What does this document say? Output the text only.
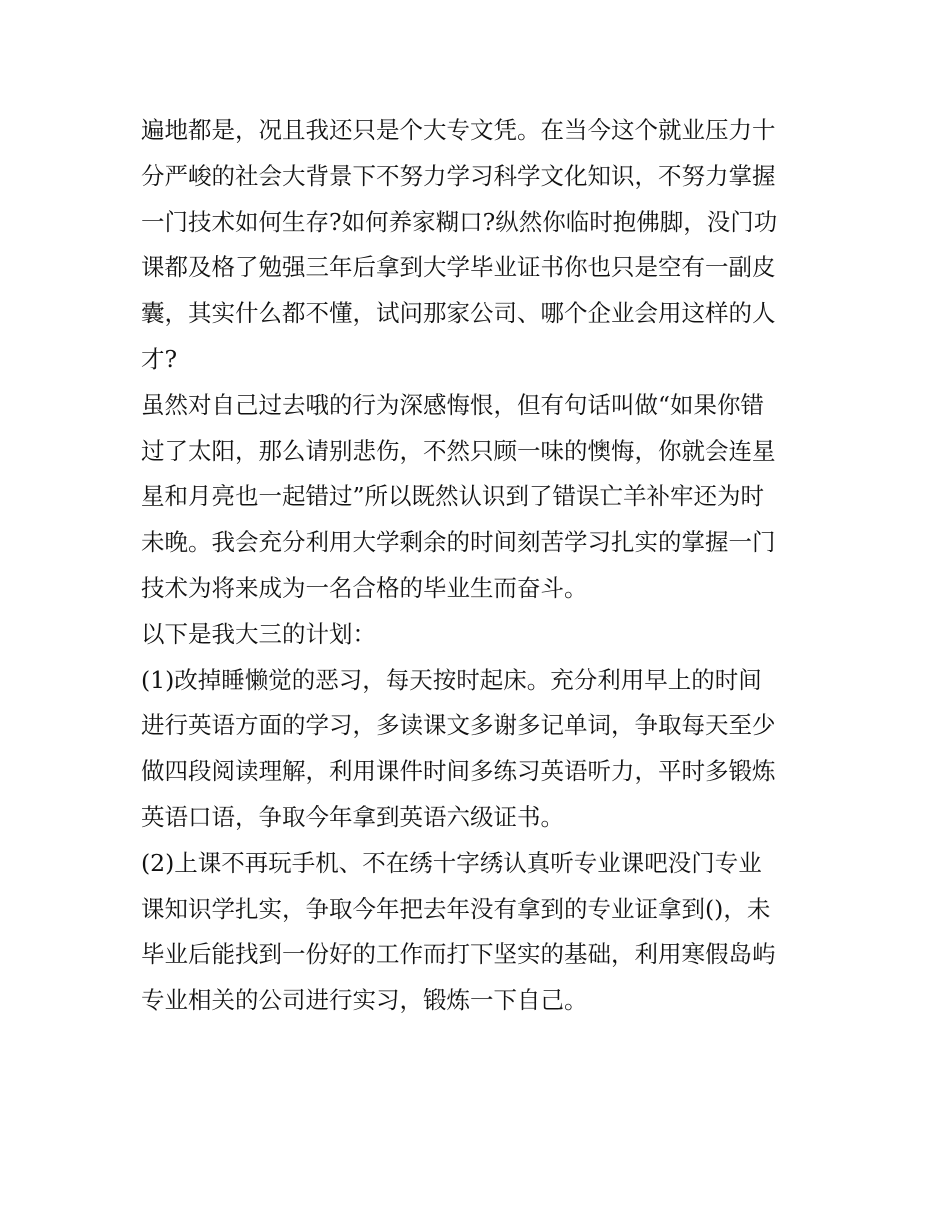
遍地都是，况且我还只是个大专文凭。在当今这个就业压力十
分严峻的社会大背景下不努力学习科学文化知识，不努力掌握
一门技术如何生存?如何养家糊口?纵然你临时抱佛脚，没门功
课都及格了勉强三年后拿到大学毕业证书你也只是空有一副皮
囊，其实什么都不懂，试问那家公司、哪个企业会用这样的人
才?
虽然对自己过去哦的行为深感悔恨，但有句话叫做“如果你错
过了太阳，那么请别悲伤，不然只顾一味的懊悔，你就会连星
星和月亮也一起错过”所以既然认识到了错误亡羊补牢还为时
未晚。我会充分利用大学剩余的时间刻苦学习扎实的掌握一门
技术为将来成为一名合格的毕业生而奋斗。
以下是我大三的计划：
(1)改掉睡懒觉的恶习，每天按时起床。充分利用早上的时间
进行英语方面的学习，多读课文多谢多记单词，争取每天至少
做四段阅读理解，利用课件时间多练习英语听力，平时多锻炼
英语口语，争取今年拿到英语六级证书。
(2)上课不再玩手机、不在绣十字绣认真听专业课吧没门专业
课知识学扎实，争取今年把去年没有拿到的专业证拿到()，未
毕业后能找到一份好的工作而打下坚实的基础，利用寒假岛屿
专业相关的公司进行实习，锻炼一下自己。
